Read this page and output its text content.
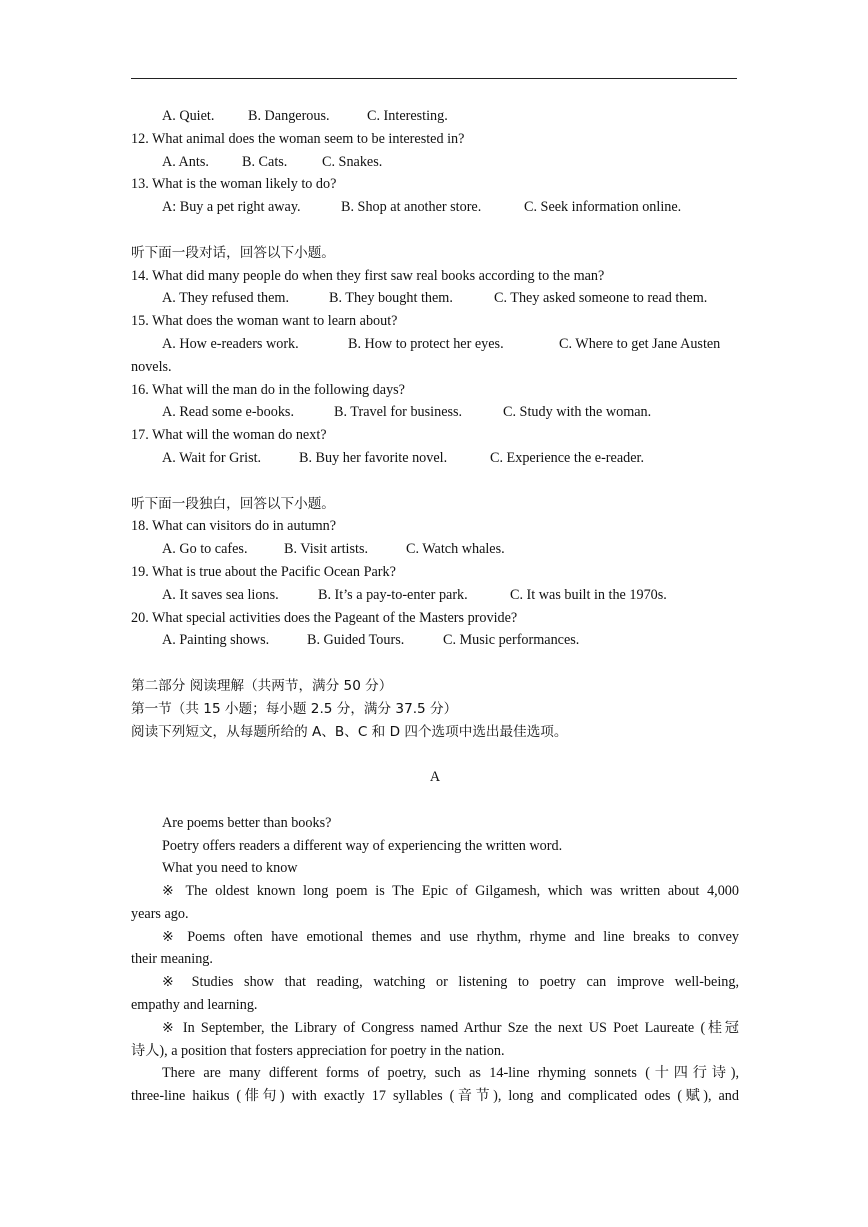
A. Quiet. B. Dangerous.	C. Interesting.
12. What animal does the woman seem to be interested in?
A. Ants. B. Cats. C. Snakes.
13. What is the woman likely to do?
A: Buy a pet right away.	B. Shop at another store.	C. Seek information online.
听下面一段对话，回答以下小题。
14. What did many people do when they first saw real books according to the man?
A. They refused them.	B. They bought them.	C. They asked someone to read them.
15. What does the woman want to learn about?
A. How e-readers work.	B. How to protect her eyes.	C. Where to get Jane Austen
novels.
16. What will the man do in the following days?
A. Read some e-books.	B. Travel for business.	C. Study with the woman.
17. What will the woman do next?
A. Wait for Grist.	B. Buy her favorite novel.	C. Experience the e-reader.
听下面一段独白，回答以下小题。
18. What can visitors do in autumn?
A. Go to cafes.	B. Visit artists.	C. Watch whales.
19. What is true about the Pacific Ocean Park?
A. It saves sea lions.	B. It’s a pay-to-enter park.	C. It was built in the 1970s.
20. What special activities does the Pageant of the Masters provide?
A. Painting shows.	B. Guided Tours.	C. Music performances.
第二部分 阅读理解（共两节，满分 50 分）
第一节（共 15 小题；每小题 2.5 分，满分 37.5 分）
阅读下列短文，从每题所给的 A、B、C 和 D 四个选项中选出最佳选项。
A
Are poems better than books?
Poetry offers readers a different way of experiencing the written word.
What you need to know
※ The oldest known long poem is The Epic of Gilgamesh, which was written about 4,000
years ago.
※ Poems often have emotional themes and use rhythm, rhyme and line breaks to convey
their meaning.
※ Studies show that reading, watching or listening to poetry can improve well-being,
empathy and learning.
※ In September, the Library of Congress named Arthur Sze the next US Poet Laureate (桂冠
诗人), a position that fosters appreciation for poetry in the nation.
There are many different forms of poetry, such as 14-line rhyming sonnets (十四行诗),
three-line haikus (俳句) with exactly 17 syllables (音节), long and complicated odes (赋), and
